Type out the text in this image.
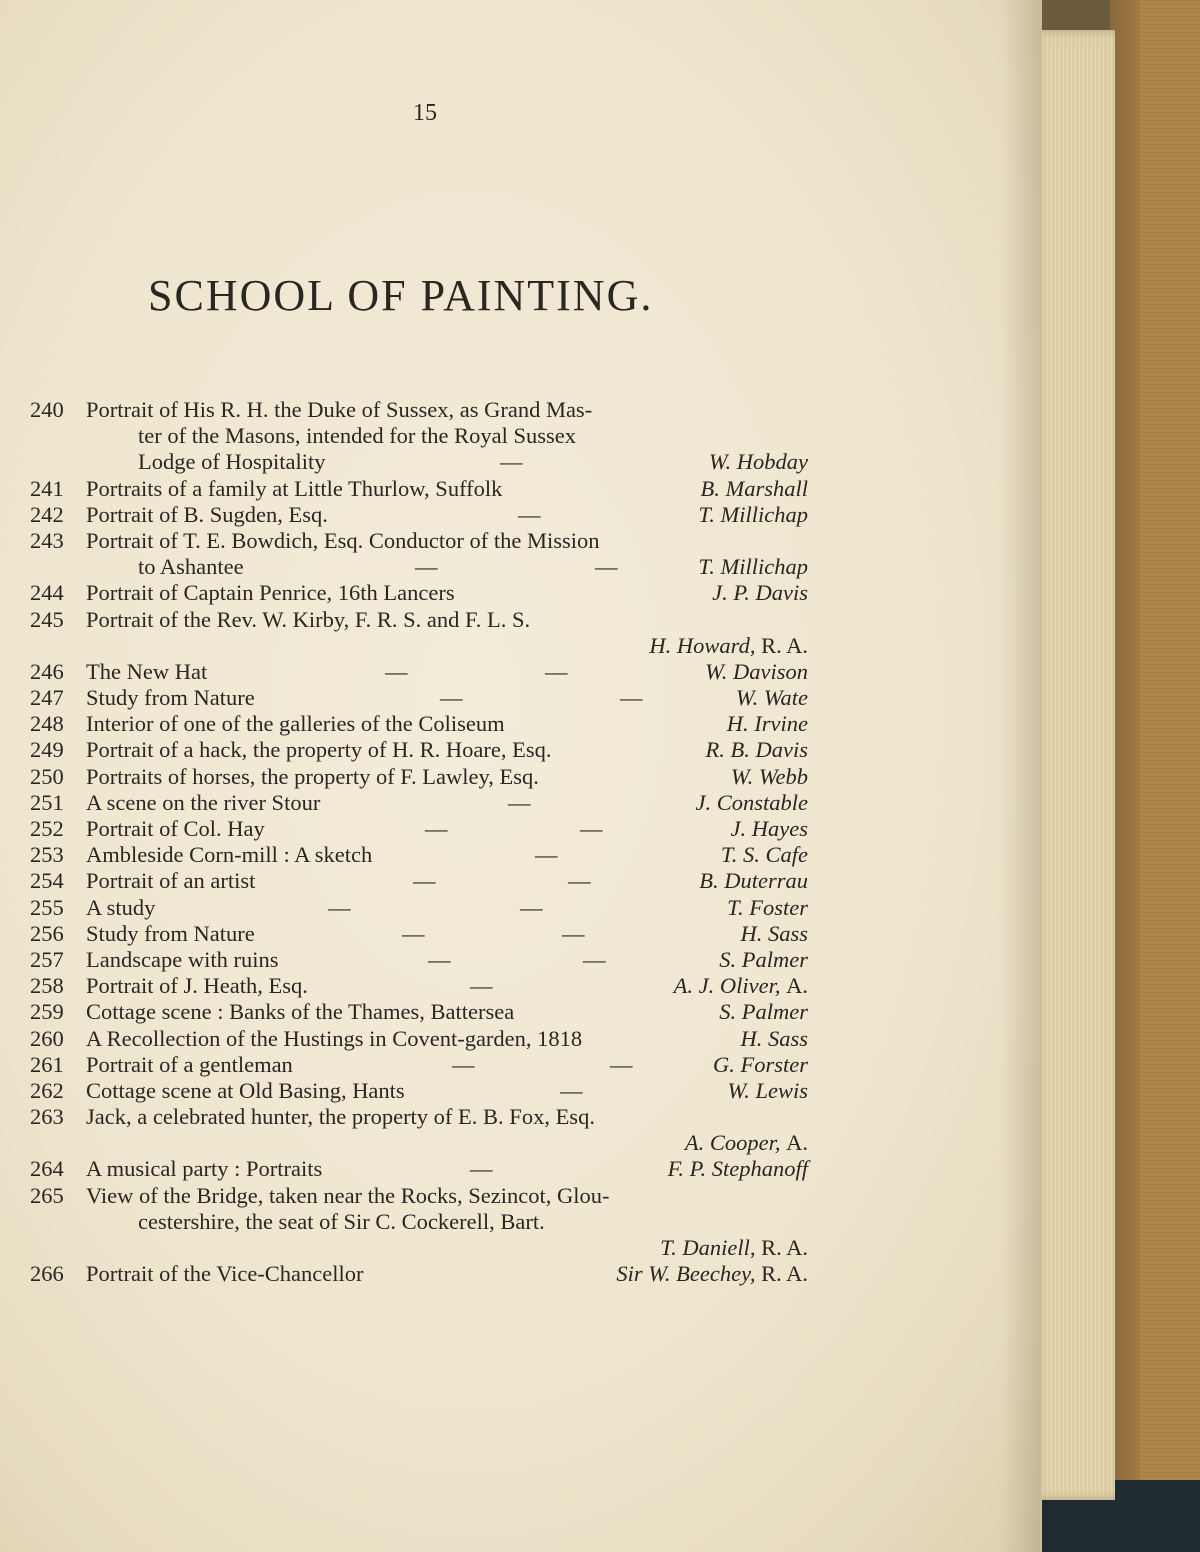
15
SCHOOL OF PAINTING.
240 Portrait of His R. H. the Duke of Sussex, as Grand Mas-
ter of the Masons, intended for the Royal Sussex
Lodge of Hospitality	—	W. Hobday
241 Portraits of a family at Little Thurlow, Suffolk	B. Marshall
242 Portrait of B. Sugden, Esq.	—	T. Millichap
243 Portrait of T. E. Bowdich, Esq. Conductor of the Mission
to Ashantee	—	—	T. Millichap
244 Portrait of Captain Penrice, 16th Lancers	J. P. Davis
245 Portrait of the Rev. W. Kirby, F. R. S. and F. L. S.
H. Howard, R. A.
246 The New Hat	—	—	W. Davison
247 Study from Nature	—	—	W. Wate
248 Interior of one of the galleries of the Coliseum	H. Irvine
249 Portrait of a hack, the property of H. R. Hoare, Esq.	R. B. Davis
250 Portraits of horses, the property of F. Lawley, Esq.	W. Webb
251 A scene on the river Stour	—	J. Constable
252 Portrait of Col. Hay	—	—	J. Hayes
253 Ambleside Corn-mill : A sketch	—	T. S. Cafe
254 Portrait of an artist	—	—	B. Duterrau
255 A study	—	—	T. Foster
256 Study from Nature	—	—	H. Sass
257 Landscape with ruins	—	—	S. Palmer
258 Portrait of J. Heath, Esq.	—	A. J. Oliver, A.
259 Cottage scene : Banks of the Thames, Battersea	S. Palmer
260 A Recollection of the Hustings in Covent-garden, 1818	H. Sass
261 Portrait of a gentleman	—	—	G. Forster
262 Cottage scene at Old Basing, Hants	—	W. Lewis
263 Jack, a celebrated hunter, the property of E. B. Fox, Esq.
A. Cooper, A.
264 A musical party : Portraits	—	F. P. Stephanoff
265 View of the Bridge, taken near the Rocks, Sezincot, Glou-
cestershire, the seat of Sir C. Cockerell, Bart.
T. Daniell, R. A.
266 Portrait of the Vice-Chancellor	Sir W. Beechey, R. A.
